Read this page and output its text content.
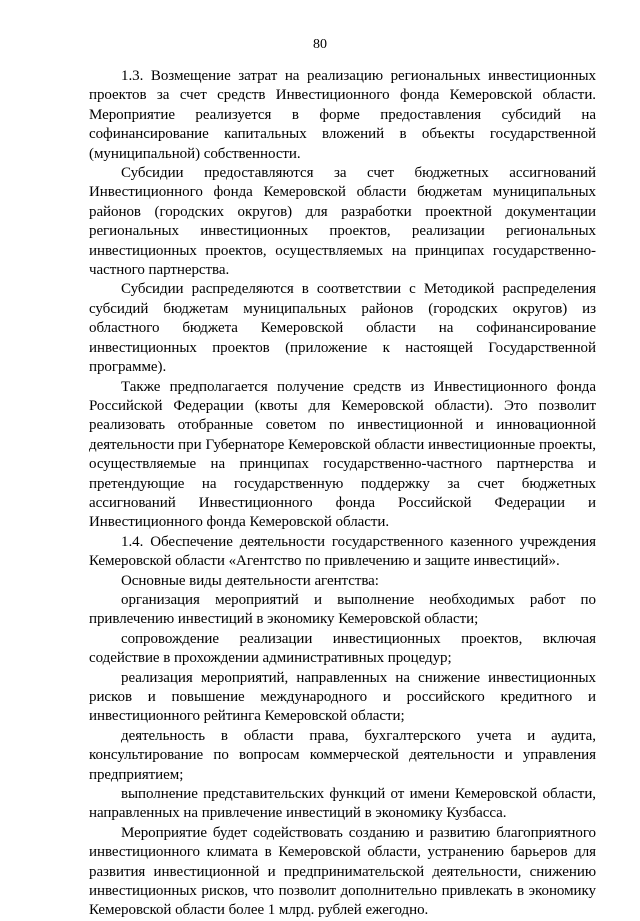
80

1.3. Возмещение затрат на реализацию региональных инвестиционных проектов за счет средств Инвестиционного фонда Кемеровской области. Мероприятие реализуется в форме предоставления субсидий на софинансирование капитальных вложений в объекты государственной (муниципальной) собственности.

Субсидии предоставляются за счет бюджетных ассигнований Инвестиционного фонда Кемеровской области бюджетам муниципальных районов (городских округов) для разработки проектной документации региональных инвестиционных проектов, реализации региональных инвестиционных проектов, осуществляемых на принципах государственно-частного партнерства.

Субсидии распределяются в соответствии с Методикой распределения субсидий бюджетам муниципальных районов (городских округов) из областного бюджета Кемеровской области на софинансирование инвестиционных проектов (приложение к настоящей Государственной программе).

Также предполагается получение средств из Инвестиционного фонда Российской Федерации (квоты для Кемеровской области). Это позволит реализовать отобранные советом по инвестиционной и инновационной деятельности при Губернаторе Кемеровской области инвестиционные проекты, осуществляемые на принципах государственно-частного партнерства и претендующие на государственную поддержку за счет бюджетных ассигнований Инвестиционного фонда Российской Федерации и Инвестиционного фонда Кемеровской области.

1.4. Обеспечение деятельности государственного казенного учреждения Кемеровской области «Агентство по привлечению и защите инвестиций».

Основные виды деятельности агентства:

организация мероприятий и выполнение необходимых работ по привлечению инвестиций в экономику Кемеровской области;

сопровождение реализации инвестиционных проектов, включая содействие в прохождении административных процедур;

реализация мероприятий, направленных на снижение инвестиционных рисков и повышение международного и российского кредитного и инвестиционного рейтинга Кемеровской области;

деятельность в области права, бухгалтерского учета и аудита, консультирование по вопросам коммерческой деятельности и управления предприятием;

выполнение представительских функций от имени Кемеровской области, направленных на привлечение инвестиций в экономику Кузбасса.

Мероприятие будет содействовать созданию и развитию благоприятного инвестиционного климата в Кемеровской области, устранению барьеров для развития инвестиционной и предпринимательской деятельности, снижению инвестиционных рисков, что позволит дополнительно привлекать в экономику Кемеровской области более 1 млрд. рублей ежегодно.
